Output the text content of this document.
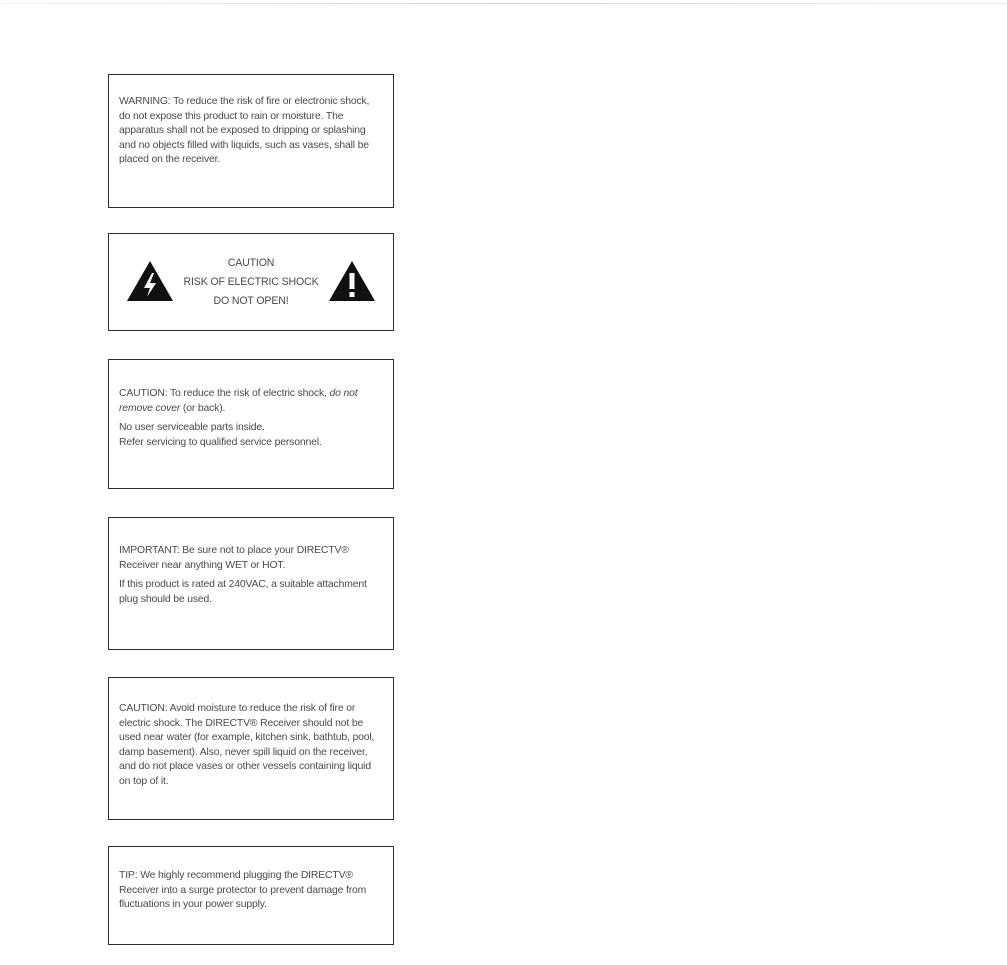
WARNING: To reduce the risk of fire or electronic shock, do not expose this product to rain or moisture. The apparatus shall not be exposed to dripping or splashing and no objects filled with liquids, such as vases, shall be placed on the receiver.

CAUTION
RISK OF ELECTRIC SHOCK
DO NOT OPEN!

CAUTION: To reduce the risk of electric shock, do not remove cover (or back).

No user serviceable parts inside.

Refer servicing to qualified service personnel.

IMPORTANT: Be sure not to place your DIRECTV® Receiver near anything WET or HOT.

If this product is rated at 240VAC, a suitable attachment plug should be used.

CAUTION: Avoid moisture to reduce the risk of fire or electric shock. The DIRECTV® Receiver should not be used near water (for example, kitchen sink, bathtub, pool, damp basement). Also, never spill liquid on the receiver, and do not place vases or other vessels containing liquid on top of it.

TIP: We highly recommend plugging the DIRECTV® Receiver into a surge protector to prevent damage from fluctuations in your power supply.
